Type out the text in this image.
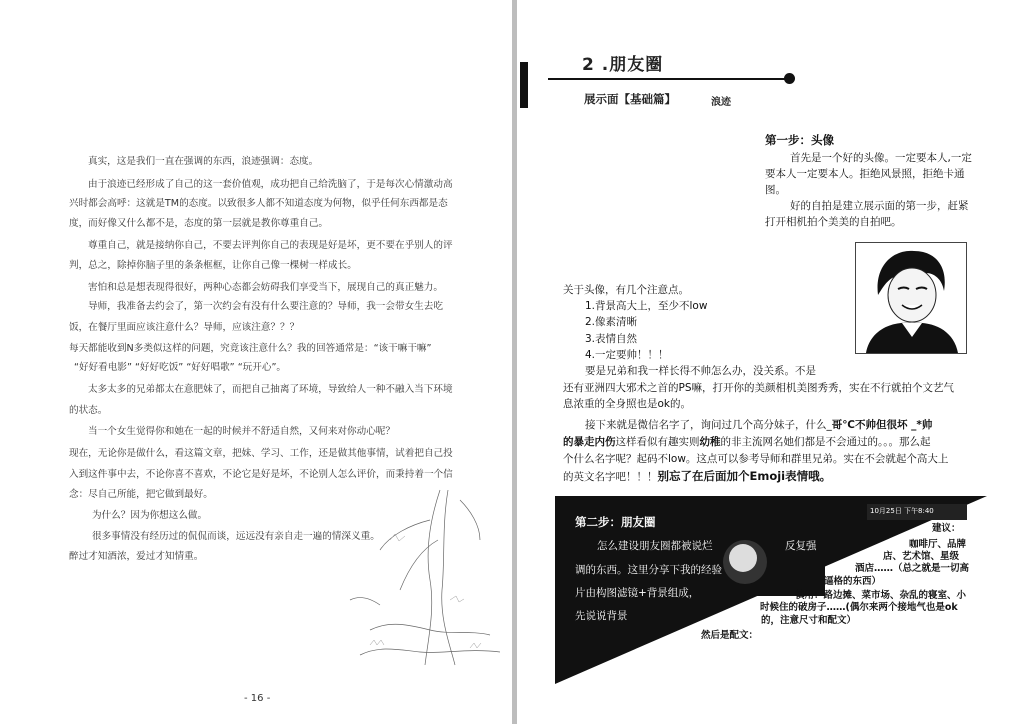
真实，这是我们一直在强调的东西，浪迹强调：态度。
由于浪迹已经形成了自己的这一套价值观，成功把自己给洗脑了，于是每次心情激动高
兴时都会高呼：这就是TM的态度。以致很多人都不知道态度为何物，似乎任何东西都是态
度，而好像又什么都不是，态度的第一层就是教你尊重自己。
尊重自己，就是接纳你自己，不要去评判你自己的表现是好是坏，更不要在乎别人的评
判，总之，除掉你脑子里的条条框框，让你自己像一棵树一样成长。
害怕和总是想表现得很好，两种心态都会妨碍我们享受当下，展现自己的真正魅力。
导师，我准备去约会了，第一次约会有没有什么要注意的？导师，我一会带女生去吃
饭，在餐厅里面应该注意什么？导师，应该注意？？？
每天都能收到N多类似这样的问题，究竟该注意什么？我的回答通常是：“该干嘛干嘛”
“好好看电影” “好好吃饭” “好好唱歌” “玩开心”。
太多太多的兄弟都太在意肥妹了，而把自己抽离了环境，导致给人一种不融入当下环境
的状态。
当一个女生觉得你和她在一起的时候并不舒适自然，又何来对你动心呢？
现在，无论你是做什么，看这篇文章，把妹、学习、工作，还是做其他事情，试着把自己投
入到这件事中去，不论你喜不喜欢，不论它是好是坏，不论别人怎么评价，而秉持着一个信
念：尽自己所能，把它做到最好。
为什么？因为你想这么做。
很多事情没有经历过的侃侃而谈，远远没有亲自走一遍的情深义重。
醉过才知酒浓，爱过才知情重。
- 16 -
2 .朋友圈
展示面【基础篇】	浪迹
第一步：头像
首先是一个好的头像。一定要本人,一定
要本人一定要本人。拒绝风景照，拒绝卡通
图。
好的自拍是建立展示面的第一步，赶紧
打开相机拍个美美的自拍吧。
关于头像，有几个注意点。
1.背景高大上，至少不low
2.像素清晰
3.表情自然
4.一定要帅！！！
要是兄弟和我一样长得不帅怎么办，没关系。不是
还有亚洲四大邪术之首的PS嘛，打开你的美颜相机美图秀秀，实在不行就拍个文艺气
息浓重的全身照也是ok的。
接下来就是微信名字了，询问过几个高分妹子，什么_哥℃不帅但很坏 _*帅
的暴走内伤这样看似有趣实则幼稚的非主流网名她们都是不会通过的。。。那么起
个什么名字呢？起码不low。这点可以参考导师和群里兄弟。实在不会就起个高大上
的英文名字吧！！！别忘了在后面加个Emoji表情哦。
第二步：朋友圈
怎么建设朋友圈都被说烂	反复强
调的东西。这里分享下我的经验
片由构图滤镜+背景组成，
先说说背景
10月25日 下午8:40
建议：
咖啡厅、品牌
店、艺术馆、星级
酒店……（总之就是一切高
逼格的东西）
慎用：路边摊、菜市场、杂乱的寝室、小
时候住的破房子……(偶尔来两个接地气也是ok
的，注意尺寸和配文）
然后是配文：
